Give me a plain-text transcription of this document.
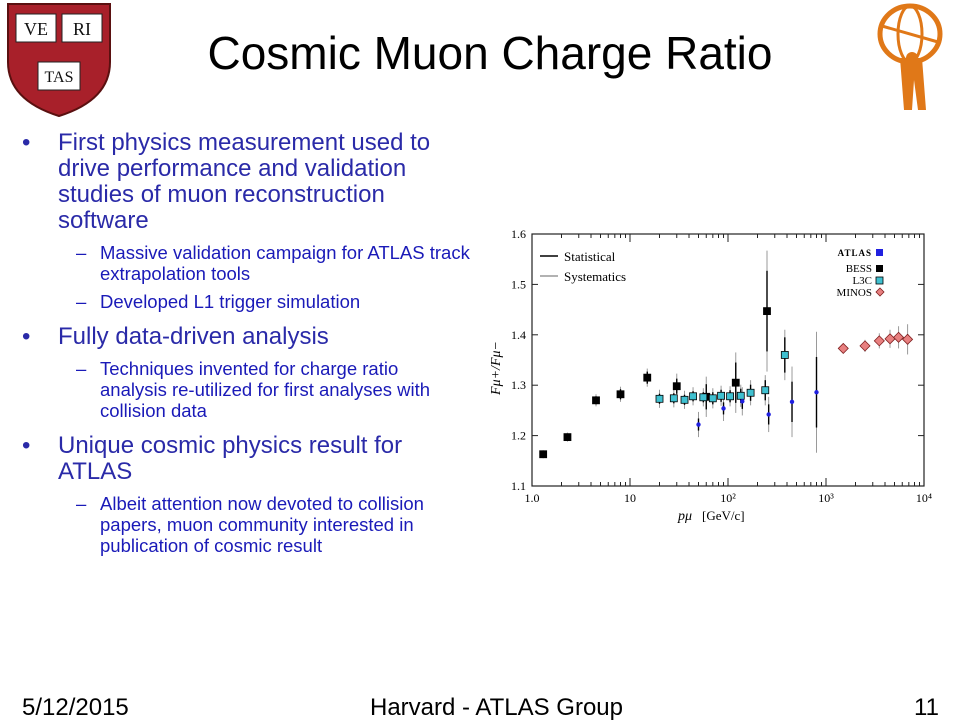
VE RI
TAS	Cosmic Muon Charge Ratio
• First physics measurement used to drive performance and validation studies of muon reconstruction software
– Massive validation campaign for ATLAS track extrapolation tools
– Developed L1 trigger simulation
• Fully data-driven analysis
– Techniques invented for charge ratio analysis re-utilized for first analyses with collision data
• Unique cosmic physics result for ATLAS
– Albeit attention now devoted to collision papers, muon community interested in publication of cosmic result
1.1
1.2
1.3
1.4
1.5
1.6
1.0	10	10²	10³	10⁴
Statistical
Systematics
ATLAS
BESS
L3C
MINOS
Fμ+/Fμ−
pμ [GeV/c]
5/12/2015	Harvard - ATLAS Group	11
